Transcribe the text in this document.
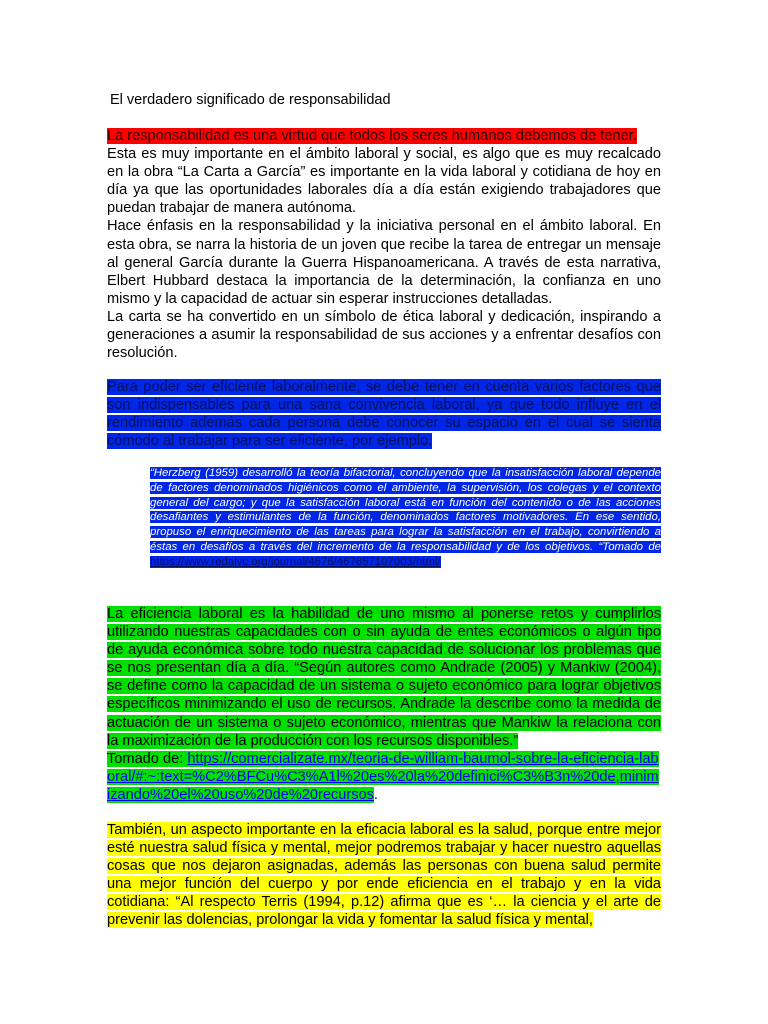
El verdadero significado de responsabilidad

La responsabilidad es una virtud que todos los seres humanos debemos de tener.

Esta es muy importante en el ámbito laboral y social, es algo que es muy recalcado en la obra “La Carta a García” es importante en la vida laboral y cotidiana de hoy en día ya que las oportunidades laborales día a día están exigiendo trabajadores que puedan trabajar de manera autónoma.

Hace énfasis en la responsabilidad y la iniciativa personal en el ámbito laboral. En esta obra, se narra la historia de un joven que recibe la tarea de entregar un mensaje al general García durante la Guerra Hispanoamericana. A través de esta narrativa, Elbert Hubbard destaca la importancia de la determinación, la confianza en uno mismo y la capacidad de actuar sin esperar instrucciones detalladas.

La carta se ha convertido en un símbolo de ética laboral y dedicación, inspirando a generaciones a asumir la responsabilidad de sus acciones y a enfrentar desafíos con resolución.

Para poder ser eficiente laboralmente, se debe tener en cuenta varios factores que son indispensables para una sana convivencia laboral, ya que todo influye en el rendimiento además cada persona debe conocer su espacio en el cual se sienta cómodo al trabajar para ser eficiente, por ejemplo.

“Herzberg (1959) desarrolló la teoría bifactorial, concluyendo que la insatisfacción laboral depende de factores denominados higiénicos como el ambiente, la supervisión, los colegas y el contexto general del cargo; y que la satisfacción laboral está en función del contenido o de las acciones desafiantes y estimulantes de la función, denominados factores motivadores. En ese sentido, propuso el enriquecimiento de las tareas para lograr la satisfacción en el trabajo, convirtiendo a éstas en desafíos a través del incremento de la responsabilidad y de los objetivos. “Tomado de
https://www.redalyc.org/journal/4676/467657107003/html/

La eficiencia laboral es la habilidad de uno mismo al ponerse retos y cumplirlos utilizando nuestras capacidades con o sin ayuda de entes económicos o algún tipo de ayuda económica sobre todo nuestra capacidad de solucionar los problemas que se nos presentan día a día. “Según autores como Andrade (2005) y Mankiw (2004), se define como la capacidad de un sistema o sujeto económico para lograr objetivos específicos minimizando el uso de recursos. Andrade la describe como la medida de actuación de un sistema o sujeto económico, mientras que Mankiw la relaciona con la maximización de la producción con los recursos disponibles.”

Tomado de: https://comercializate.mx/teoria-de-william-baumol-sobre-la-eficiencia-laboral/#:~:text=%C2%BFCu%C3%A1l%20es%20la%20definici%C3%B3n%20de,minimizando%20el%20uso%20de%20recursos.

También, un aspecto importante en la eficacia laboral es la salud, porque entre mejor esté nuestra salud física y mental, mejor podremos trabajar y hacer nuestro aquellas cosas que nos dejaron asignadas, además las personas con buena salud permite una mejor función del cuerpo y por ende eficiencia en el trabajo y en la vida cotidiana: “Al respecto Terris (1994, p.12) afirma que es ‘… la ciencia y el arte de prevenir las dolencias, prolongar la vida y fomentar la salud física y mental,
